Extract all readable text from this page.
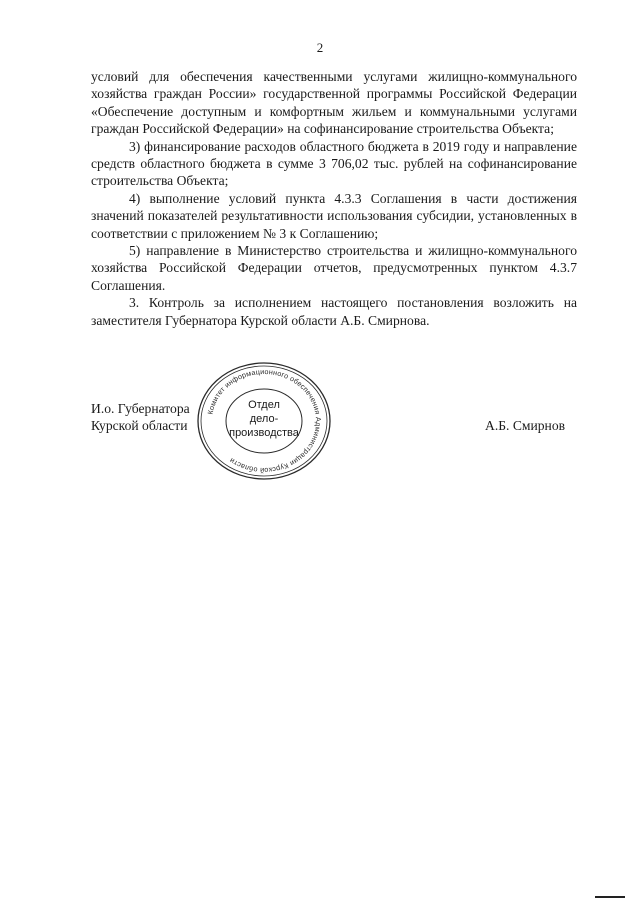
2

условий для обеспечения качественными услугами жилищно-коммунального хозяйства граждан России» государственной программы Российской Федерации «Обеспечение доступным и комфортным жильем и коммунальными услугами граждан Российской Федерации» на софинансирование строительства Объекта;

3) финансирование расходов областного бюджета в 2019 году и направление средств областного бюджета в сумме 3 706,02 тыс. рублей на софинансирование строительства Объекта;

4) выполнение условий пункта 4.3.3 Соглашения в части достижения значений показателей результативности использования субсидии, установленных в соответствии с приложением № 3 к Соглашению;

5) направление в Министерство строительства и жилищно-коммунального хозяйства Российской Федерации отчетов, предусмотренных пунктом 4.3.7 Соглашения.

3. Контроль за исполнением настоящего постановления возложить на заместителя Губернатора Курской области А.Б. Смирнова.

И.о. Губернатора
Курской области	А.Б. Смирнов
Комитет информационного обеспечения Администрации Курской области
Отдел
дело-
производства
